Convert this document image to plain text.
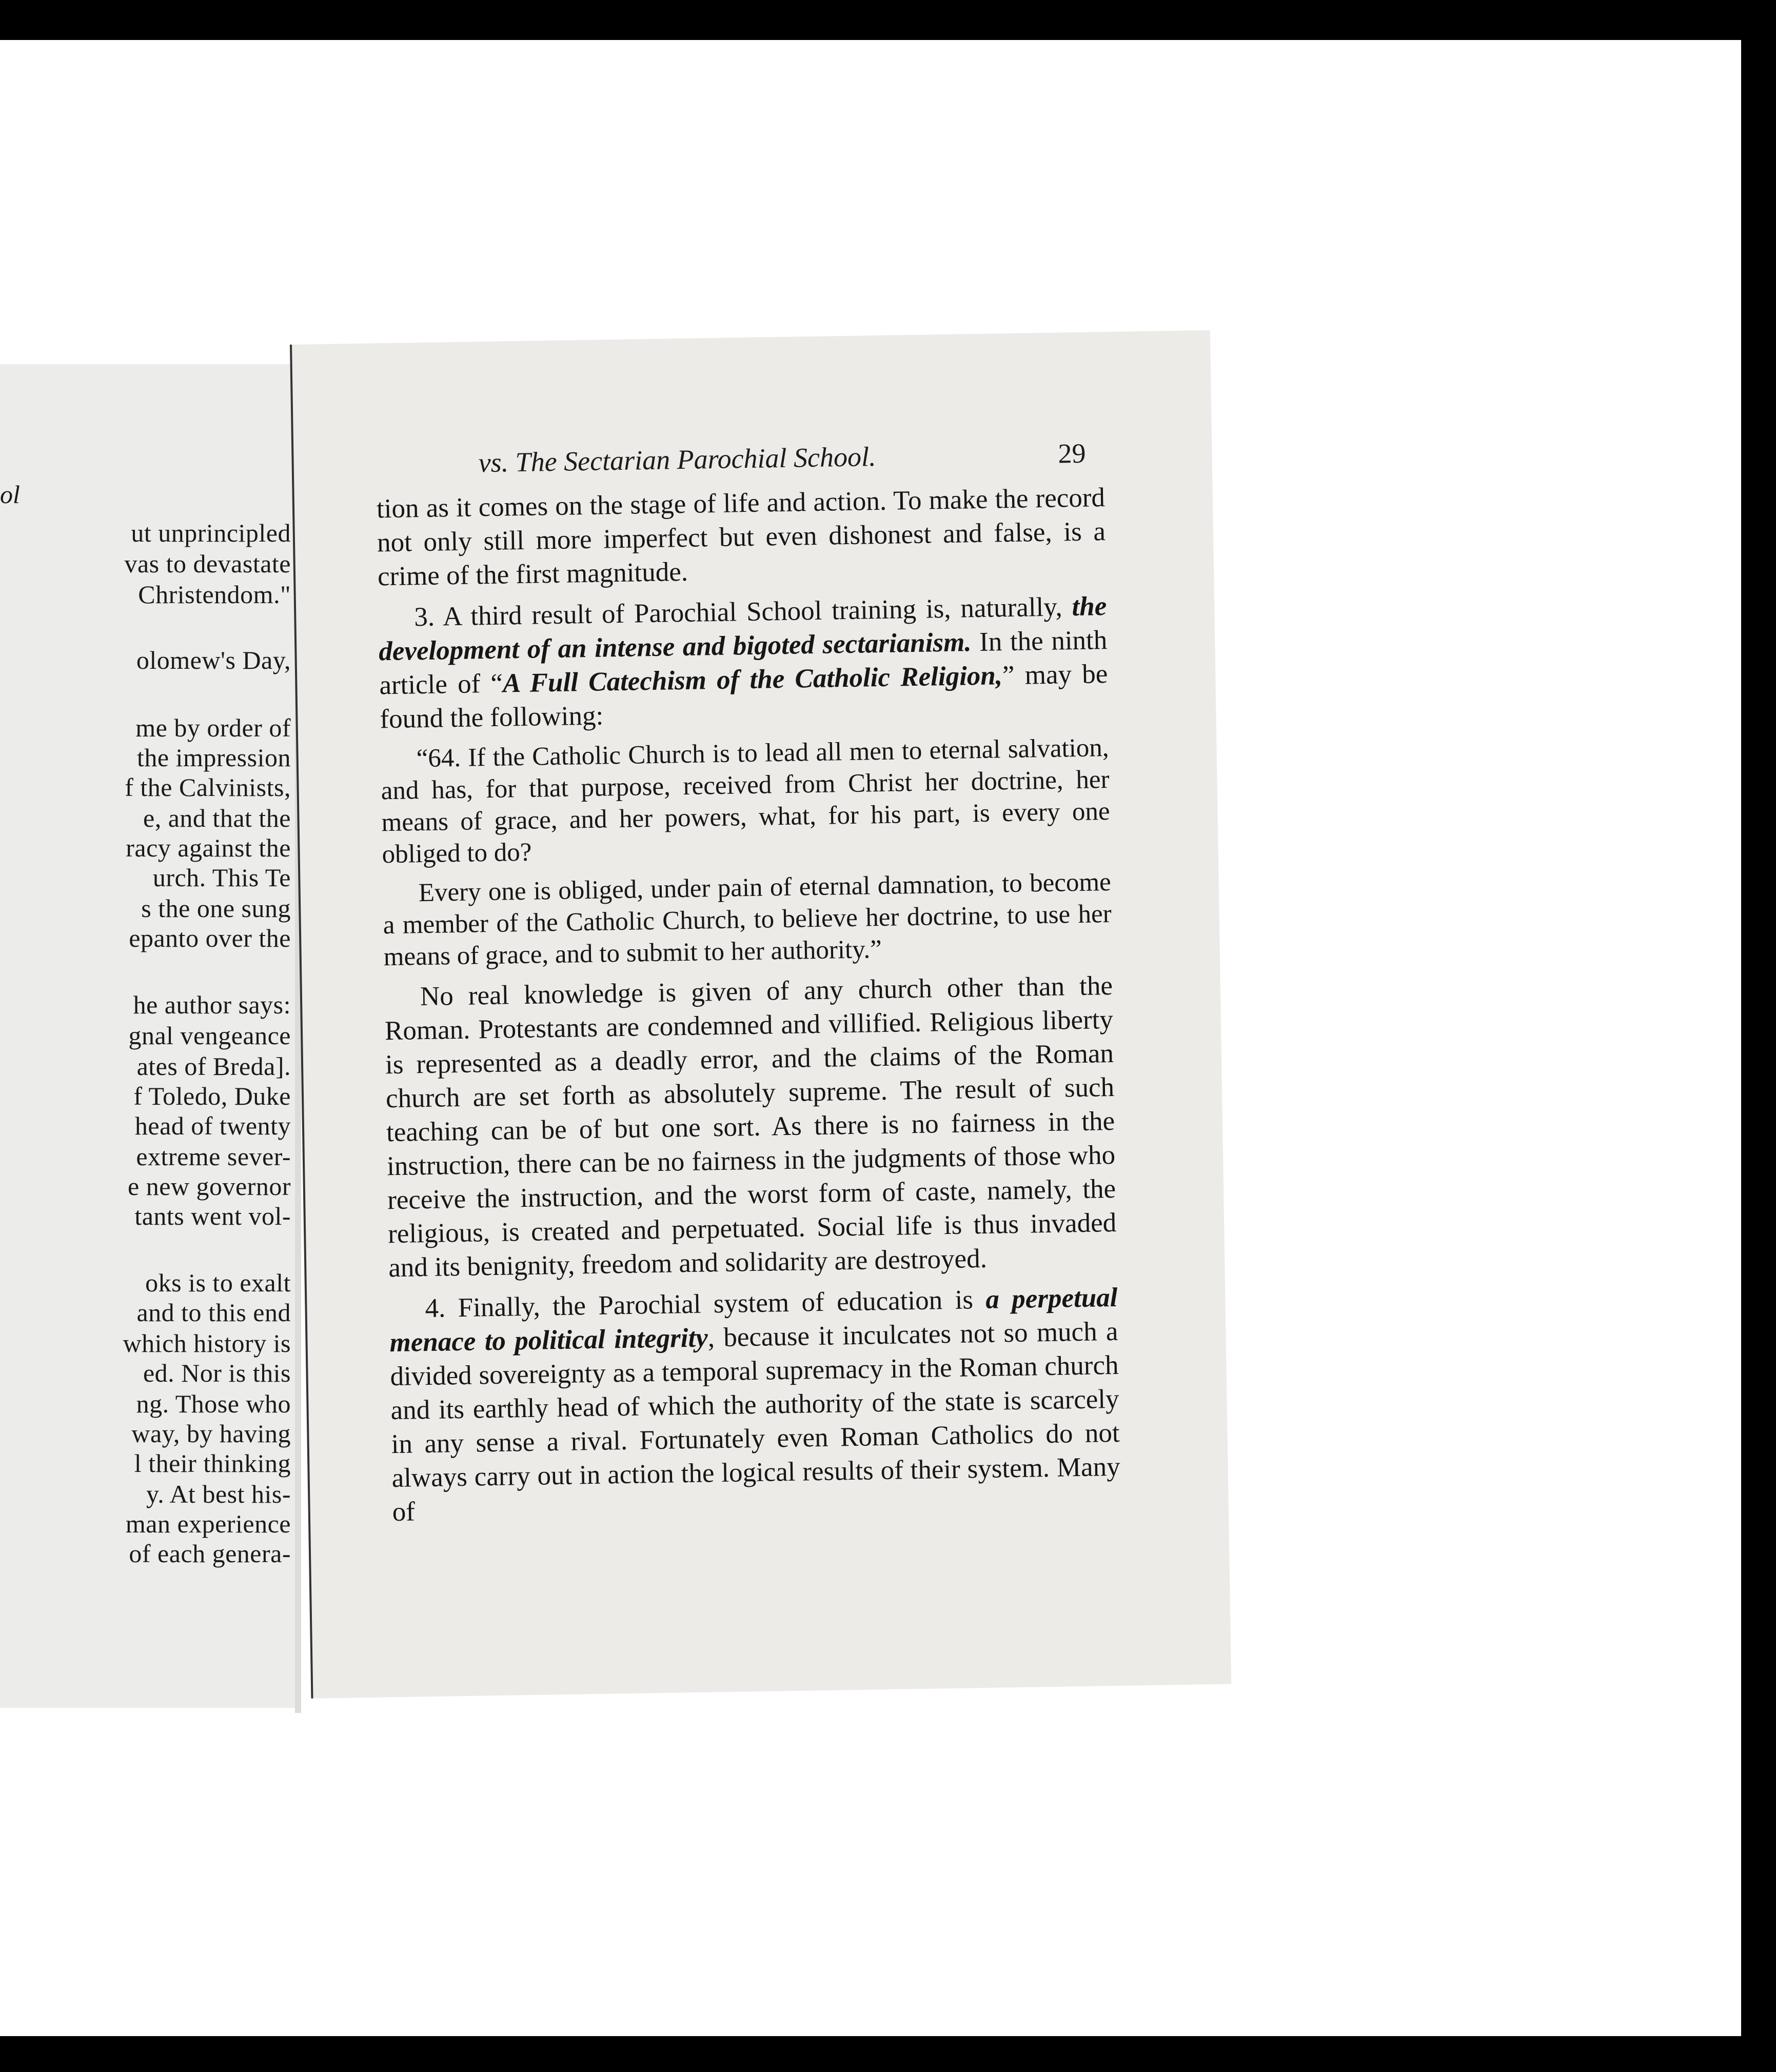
ol
ut unprincipled
vas to devastate
Christendom."
olomew's Day,
me by order of
the impression
f the Calvinists,
e, and that the
racy against the
urch. This Te
s the one sung
epanto over the
he author says:
gnal vengeance
ates of Breda].
f Toledo, Duke
head of twenty
extreme sever-
e new governor
tants went vol-
oks is to exalt
and to this end
which history is
ed. Nor is this
ng. Those who
way, by having
l their thinking
y. At best his-
man experience
of each genera-
vs. The Sectarian Parochial School.	29

tion as it comes on the stage of life and action. To make the record not only still more imperfect but even dishonest and false, is a crime of the first magnitude.

3. A third result of Parochial School training is, naturally, the development of an intense and bigoted sectarianism. In the ninth article of “A Full Catechism of the Catholic Religion,” may be found the following:

“64. If the Catholic Church is to lead all men to eternal salvation, and has, for that purpose, received from Christ her doctrine, her means of grace, and her powers, what, for his part, is every one obliged to do?

Every one is obliged, under pain of eternal damnation, to become a member of the Catholic Church, to believe her doctrine, to use her means of grace, and to submit to her authority.”

No real knowledge is given of any church other than the Roman. Protestants are condemned and villified. Religious liberty is represented as a deadly error, and the claims of the Roman church are set forth as absolutely supreme. The result of such teaching can be of but one sort. As there is no fairness in the instruction, there can be no fairness in the judgments of those who receive the instruction, and the worst form of caste, namely, the religious, is created and perpetuated. Social life is thus invaded and its benignity, freedom and solidarity are destroyed.

4. Finally, the Parochial system of education is a perpetual menace to political integrity, because it inculcates not so much a divided sovereignty as a temporal supremacy in the Roman church and its earthly head of which the authority of the state is scarcely in any sense a rival. Fortunately even Roman Catholics do not always carry out in action the logical results of their system. Many of
